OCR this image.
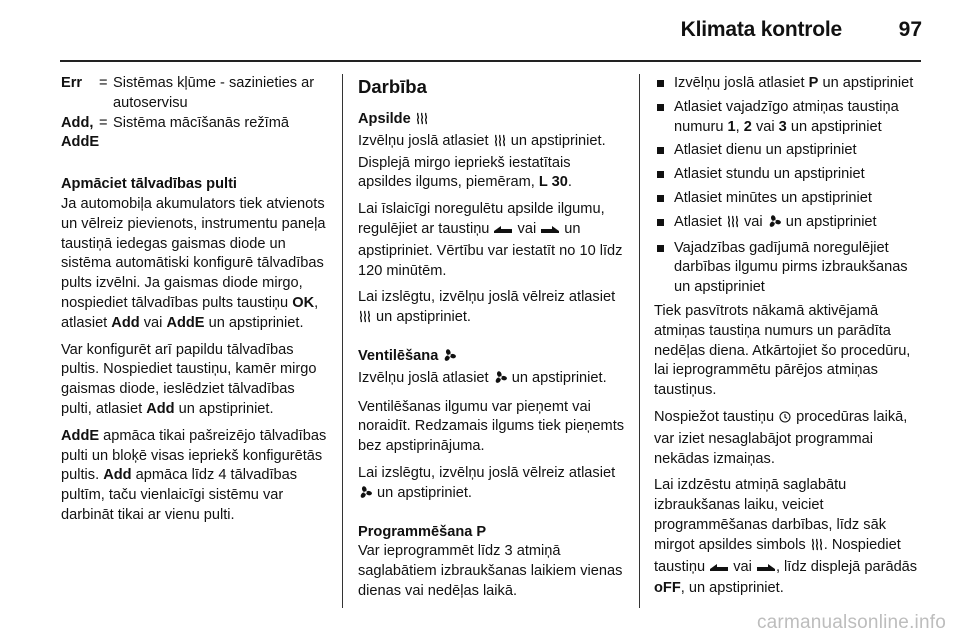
Klimata kontrole	97
Err	= Sistēmas kļūme - sazinieties ar autoservisu
Add, AddE
= Sistēma mācīšanās režīmā

Apmāciet tālvadības pulti

Ja automobiļa akumulators tiek atvienots un vēlreiz pievienots, instrumentu paneļa taustiņā iedegas gaismas diode un sistēma automātiski konfigurē tālvadības pults izvēlni. Ja gaismas diode mirgo, nospiediet tālvadības pults taustiņu OK, atlasiet Add vai AddE un apstipriniet.

Var konfigurēt arī papildu tālvadības pultis. Nospiediet taustiņu, kamēr mirgo gaismas diode, ieslēdziet tālvadības pulti, atlasiet Add un apstipriniet.

AddE apmāca tikai pašreizējo tālvadības pulti un bloķē visas iepriekš konfigurētās pultis. Add apmāca līdz 4 tālvadības pultīm, taču vienlaicīgi sistēmu var darbināt tikai ar vienu pulti.

Darbība

Apsilde

Izvēlņu joslā atlasiet  un apstipriniet. Displejā mirgo iepriekš iestatītais apsildes ilgums, piemēram, L 30.

Lai īslaicīgi noregulētu apsilde ilgumu, regulējiet ar taustiņu  vai  un apstipriniet. Vērtību var iestatīt no 10 līdz 120 minūtēm.

Lai izslēgtu, izvēlņu joslā vēlreiz atlasiet  un apstipriniet.

Ventilēšana

Izvēlņu joslā atlasiet  un apstipriniet.

Ventilēšanas ilgumu var pieņemt vai noraidīt. Redzamais ilgums tiek pieņemts bez apstiprinājuma.

Lai izslēgtu, izvēlņu joslā vēlreiz atlasiet  un apstipriniet.

Programmēšana P

Var ieprogrammēt līdz 3 atmiņā saglabātiem izbraukšanas laikiem vienas dienas vai nedēļas laikā.

Izvēlņu joslā atlasiet P un apstipriniet
Atlasiet vajadzīgo atmiņas taustiņa numuru 1, 2 vai 3 un apstipriniet
Atlasiet dienu un apstipriniet
Atlasiet stundu un apstipriniet
Atlasiet minūtes un apstipriniet
Atlasiet  vai  un apstipriniet
Vajadzības gadījumā noregulējiet darbības ilgumu pirms izbraukšanas un apstipriniet

Tiek pasvītrots nākamā aktivējamā atmiņas taustiņa numurs un parādīta nedēļas diena. Atkārtojiet šo procedūru, lai ieprogrammētu pārējos atmiņas taustiņus.

Nospiežot taustiņu  procedūras laikā, var iziet nesaglabājot programmai nekādas izmaiņas.

Lai izdzēstu atmiņā saglabātu izbraukšanas laiku, veiciet programmēšanas darbības, līdz sāk mirgot apsildes simbols . Nospiediet taustiņu  vai , līdz displejā parādās oFF, un apstipriniet.

carmanualsonline.info
